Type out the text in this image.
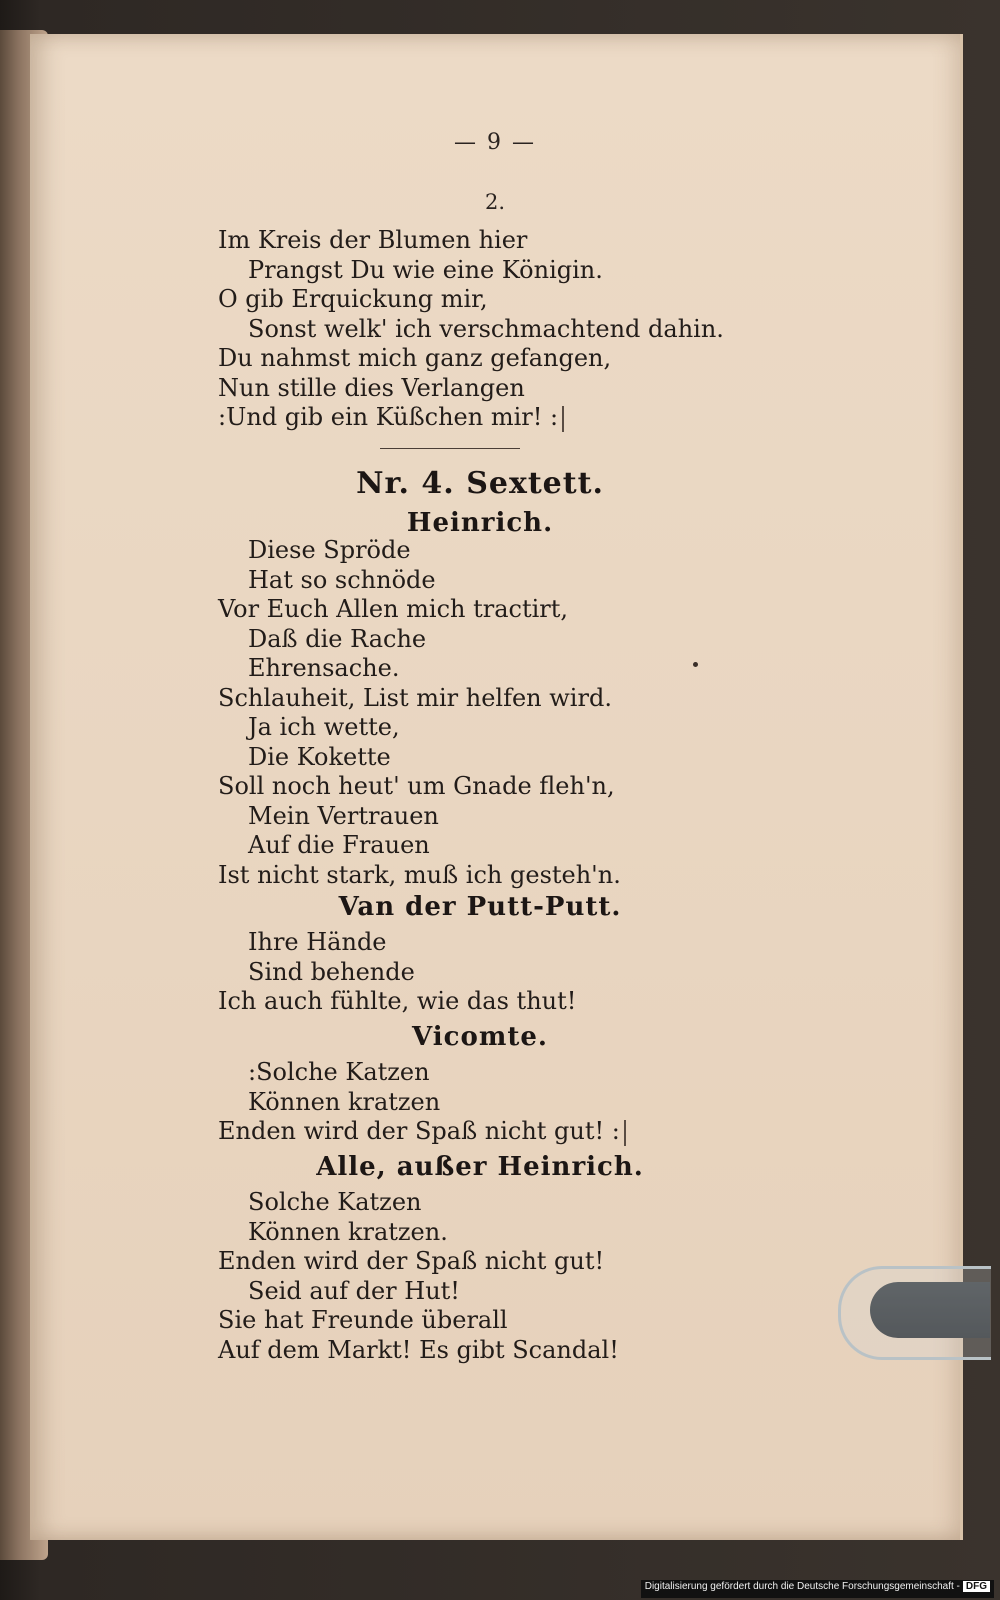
— 9 —
2.
Im Kreis der Blumen hier
Prangst Du wie eine Königin.
O gib Erquickung mir,
Sonst welk' ich verschmachtend dahin.
Du nahmst mich ganz gefangen,
Nun stille dies Verlangen
:Und gib ein Küßchen mir! :
Nr. 4. Sextett.
Heinrich.
Diese Spröde
Hat so schnöde
Vor Euch Allen mich tractirt,
Daß die Rache
Ehrensache.
Schlauheit, List mir helfen wird.
Ja ich wette,
Die Kokette
Soll noch heut' um Gnade fleh'n,
Mein Vertrauen
Auf die Frauen
Ist nicht stark, muß ich gesteh'n.
Van der Putt-Putt.
Ihre Hände
Sind behende
Ich auch fühlte, wie das thut!
Vicomte.
:Solche Katzen
Können kratzen
Enden wird der Spaß nicht gut! :
Alle, außer Heinrich.
Solche Katzen
Können kratzen.
Enden wird der Spaß nicht gut!
Seid auf der Hut!
Sie hat Freunde überall
Auf dem Markt! Es gibt Scandal!
Digitalisierung gefördert durch die Deutsche Forschungsgemeinschaft - DFG
